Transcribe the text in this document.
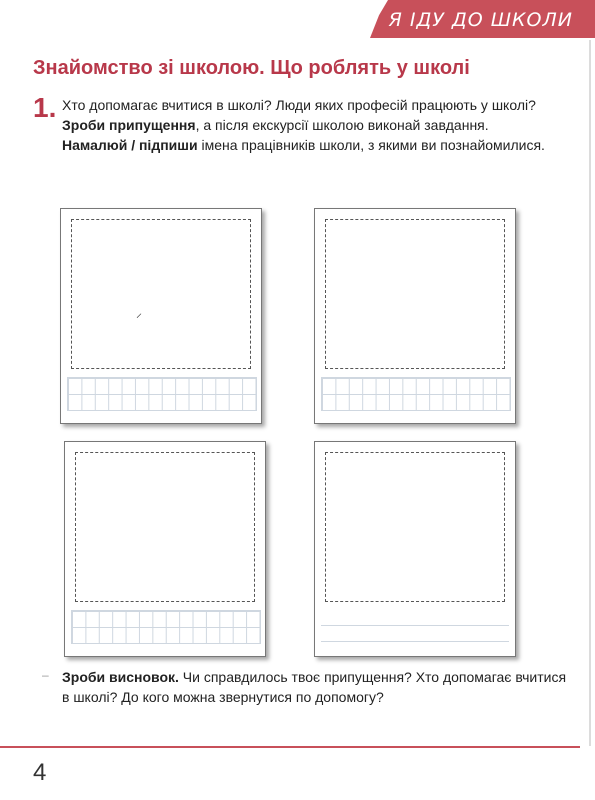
Я ІДУ ДО ШКОЛИ
Знайомство зі школою. Що роблять у школі
1. Хто допомагає вчитися в школі? Люди яких професій працюють у школі?

Зроби припущення, а після екскурсії школою виконай завдання.

Намалюй / підпиши імена працівників школи, з якими ви познайомилися.

⸝
– Зроби висновок. Чи справдилось твоє припущення? Хто допомагає вчитися в школі? До кого можна звернутися по допомогу?

4
